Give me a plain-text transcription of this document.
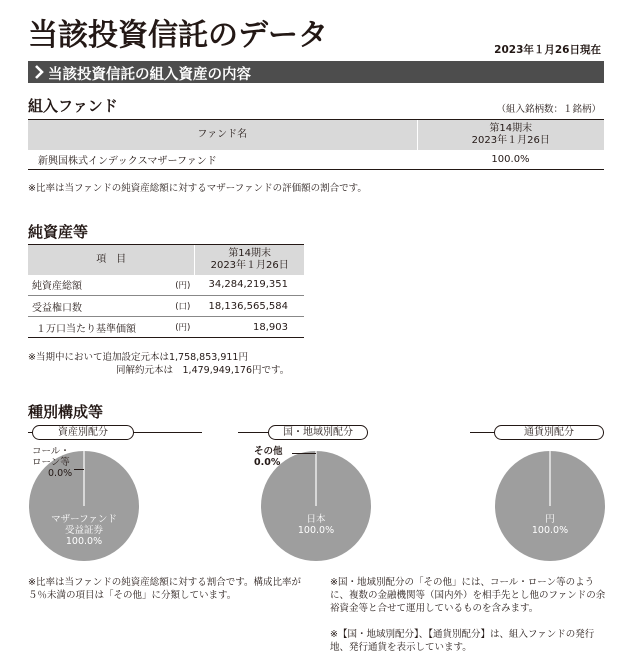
当該投資信託のデータ	2023年１月26日現在
当該投資信託の組入資産の内容
組入ファンド	（組入銘柄数：１銘柄）
ファンド名	第14期末
2023年１月26日

新興国株式インデックスマザーファンド	100.0%
※比率は当ファンドの純資産総額に対するマザーファンドの評価額の割合です。
純資産等
項　目		第14期末
2023年１月26日

純資産総額	(円)	34,284,219,351
受益権口数	(口)	18,136,565,584
１万口当たり基準価額	(円)	18,903
※当期中において追加設定元本は1,758,853,911円
同解約元本は　1,479,949,176円です。
種別構成等
資産別配分
コール・
ローン等
0.0%
マザーファンド
受益証券
100.0%
国・地域別配分
その他
0.0%
日本
100.0%
通貨別配分
円
100.0%
※比率は当ファンドの純資産総額に対する割合です。構成比率が５％未満の項目は「その他」に分類しています。
※国・地域別配分の「その他」には、コール・ローン等のように、複数の金融機関等（国内外）を相手先とし他のファンドの余裕資金等と合せて運用しているものを含みます。
※【国・地域別配分】、【通貨別配分】は、組入ファンドの発行地、発行通貨を表示しています。
